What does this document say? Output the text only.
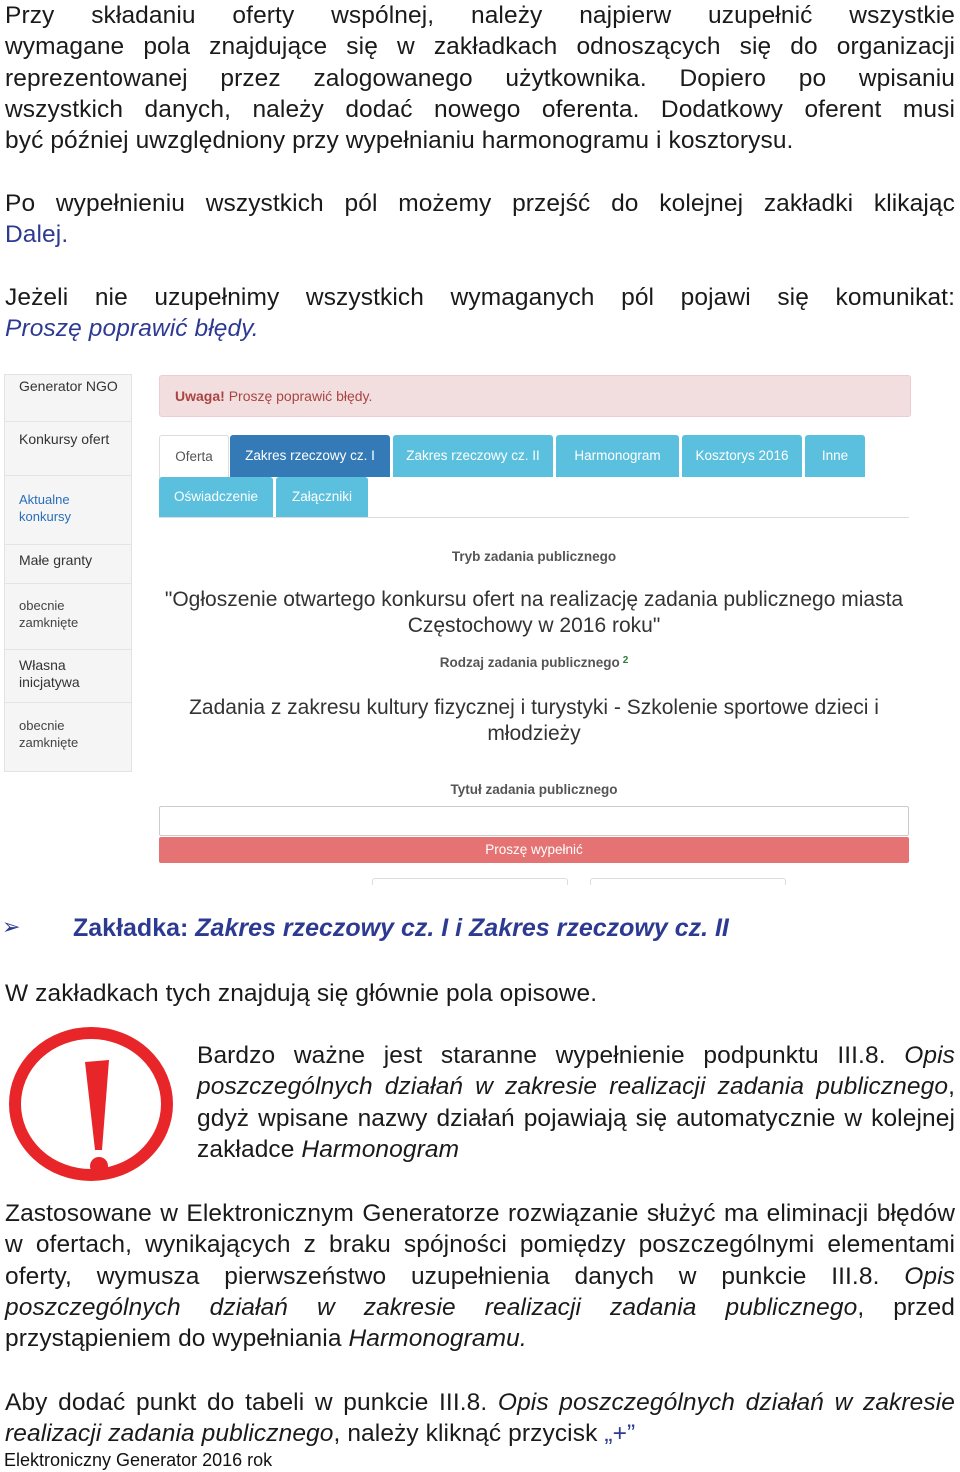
Przy składaniu oferty wspólnej, należy najpierw uzupełnić wszystkie
wymagane pola znajdujące się w zakładkach odnoszących się do organizacji
reprezentowanej przez zalogowanego użytkownika. Dopiero po wpisaniu
wszystkich danych, należy dodać nowego oferenta. Dodatkowy oferent musi
być później uwzględniony przy wypełnianiu harmonogramu i kosztorysu.
Po wypełnieniu wszystkich pól możemy przejść do kolejnej zakładki klikając
Dalej.
Jeżeli nie uzupełnimy wszystkich wymaganych pól pojawi się komunikat:
Proszę poprawić błędy.
Generator NGO
Konkursy ofert
Aktualne konkursy
Małe granty
obecnie zamknięte
Własna inicjatywa
obecnie zamknięte
Uwaga! Proszę poprawić błędy.
Oferta	Zakres rzeczowy cz. I	Zakres rzeczowy cz. II	Harmonogram	Kosztorys 2016	Inne
Oświadczenie	Załączniki
Tryb zadania publicznego
"Ogłoszenie otwartego konkursu ofert na realizację zadania publicznego miasta Częstochowy w 2016 roku"
Rodzaj zadania publicznego 2
Zadania z zakresu kultury fizycznej i turystyki - Szkolenie sportowe dzieci i młodzieży
Tytuł zadania publicznego
Proszę wypełnić
➢ Zakładka: Zakres rzeczowy cz. I i Zakres rzeczowy cz. II
W zakładkach tych znajdują się głównie pola opisowe.
Bardzo ważne jest staranne wypełnienie podpunktu III.8. Opis poszczególnych działań w zakresie realizacji zadania publicznego, gdyż wpisane nazwy działań pojawiają się automatycznie w kolejnej zakładce Harmonogram
Zastosowane w Elektronicznym Generatorze rozwiązanie służyć ma eliminacji błędów w ofertach, wynikających z braku spójności pomiędzy poszczególnymi elementami oferty, wymusza pierwszeństwo uzupełnienia danych w punkcie III.8. Opis poszczególnych działań w zakresie realizacji zadania publicznego, przed przystąpieniem do wypełniania Harmonogramu.
Aby dodać punkt do tabeli w punkcie III.8. Opis poszczególnych działań w zakresie realizacji zadania publicznego, należy kliknąć przycisk „+”
Elektroniczny Generator 2016 rok
